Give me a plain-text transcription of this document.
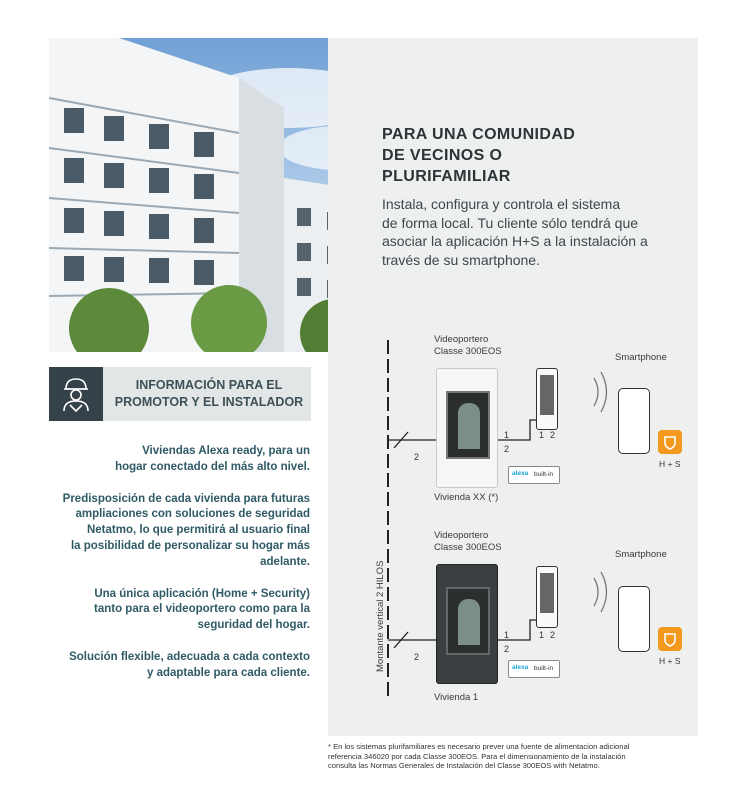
PARA UNA COMUNIDAD
DE VECINOS O
PLURIFAMILIAR
Instala, configura y controla el sistema
de forma local. Tu cliente sólo tendrá que
asociar la aplicación H+S a la instalación a
través de su smartphone.
INFORMACIÓN PARA EL
PROMOTOR Y EL INSTALADOR

Viviendas Alexa ready, para un
hogar conectado del más alto nivel.

Predisposición de cada vivienda para futuras
ampliaciones con soluciones de seguridad
Netatmo, lo que permitirá al usuario final
la posibilidad de personalizar su hogar más
adelante.

Una única aplicación (Home + Security)
tanto para el videoportero como para la
seguridad del hogar.

Solución flexible, adecuada a cada contexto
y adaptable para cada cliente.

Montante vertical 2 HILOS
Videoportero
Classe 300EOS
2
1
2
1 2
alexa built-in
Vivienda XX (*)
Smartphone
H + S
Videoportero
Classe 300EOS
2
1
2
1 2
alexa built-in
Vivienda 1
Smartphone
H + S
* En los sistemas plurifamiliares es necesario prever una fuente de alimentacion adicional
referencia 346020 por cada Classe 300EOS. Para el dimensionamiento de la instalación
consulta las Normas Generales de Instalación del Classe 300EOS with Netatmo.
